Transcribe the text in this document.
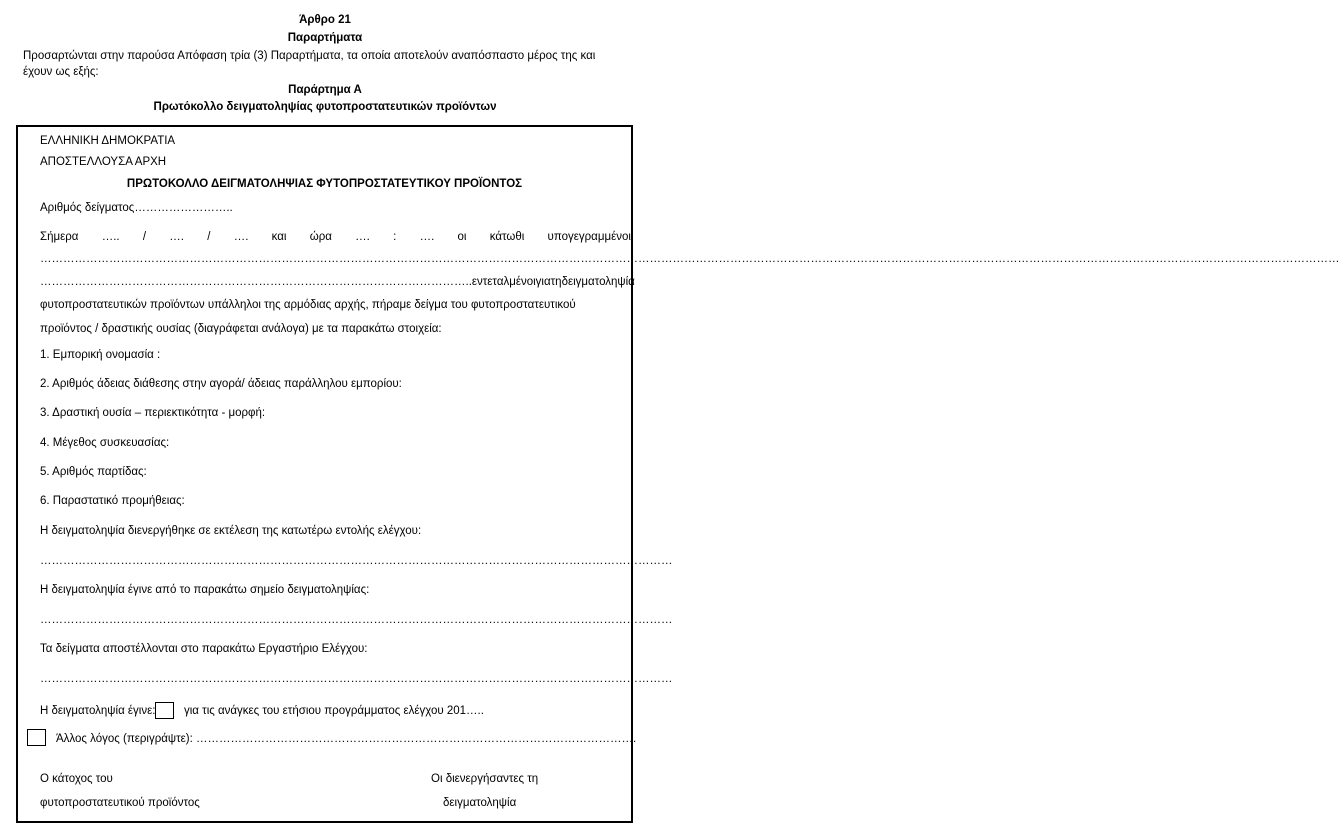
Άρθρο 21
Παραρτήματα
Προσαρτώνται στην παρούσα Απόφαση τρία (3) Παραρτήματα, τα οποία αποτελούν αναπόσπαστο μέρος της και
έχουν ως εξής:
Παράρτημα Α
Πρωτόκολλο δειγματοληψίας φυτοπροστατευτικών προϊόντων
ΕΛΛΗΝΙΚΗ ΔΗΜΟΚΡΑΤΙΑ
ΑΠΟΣΤΕΛΛΟΥΣΑ ΑΡΧΗ
ΠΡΩΤΟΚΟΛΛΟ ΔΕΙΓΜΑΤΟΛΗΨΙΑΣ ΦΥΤΟΠΡΟΣΤΑΤΕΥΤΙΚΟΥ ΠΡΟΪΟΝΤΟΣ
Αριθμός δείγματος……………………..
Σήμερα ….. / …. / …. και ώρα …. : …. οι κάτωθι υπογεγραμμένοι
……………………………………………………………………………………………………………………………………………………………………………………………………………………………………………………………………………………………………………
…………………………………………………………………………………………………..εντεταλμένοι για τη δειγματοληψία
φυτοπροστατευτικών προϊόντων υπάλληλοι της αρμόδιας αρχής, πήραμε δείγμα του φυτοπροστατευτικού
προϊόντος / δραστικής ουσίας (διαγράφεται ανάλογα) με τα παρακάτω στοιχεία:
1. Εμπορική ονομασία :
2. Αριθμός άδειας διάθεσης στην αγορά/ άδειας παράλληλου εμπορίου:
3. Δραστική ουσία – περιεκτικότητα - μορφή:
4. Μέγεθος συσκευασίας:
5. Αριθμός παρτίδας:
6. Παραστατικό προμήθειας:
Η δειγματοληψία διενεργήθηκε σε εκτέλεση της κατωτέρω εντολής ελέγχου:
…………………………………………………………………………………………………………………………………………………
Η δειγματοληψία έγινε από το παρακάτω σημείο δειγματοληψίας:
…………………………………………………………………………………………………………………………………………………
Τα δείγματα αποστέλλονται στο παρακάτω Εργαστήριο Ελέγχου:
…………………………………………………………………………………………………………………………………………………
Η δειγματοληψία έγινε: για τις ανάγκες του ετήσιου προγράμματος ελέγχου 201…..
Άλλος λόγος (περιγράψτε): …………………………………………………………………………………………………….
Ο κάτοχος του
φυτοπροστατευτικού προϊόντος
Οι διενεργήσαντες τη
δειγματοληψία
